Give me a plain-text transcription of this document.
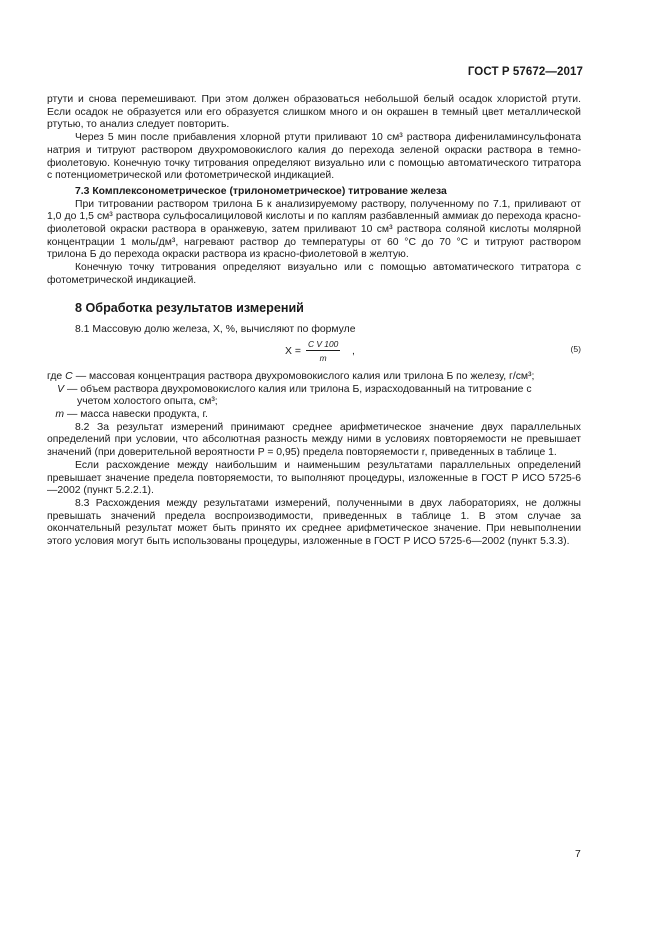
ГОСТ Р 57672—2017

ртути и снова перемешивают. При этом должен образоваться небольшой белый осадок хлористой ртути. Если осадок не образуется или его образуется слишком много и он окрашен в темный цвет металлической ртутью, то анализ следует повторить.

Через 5 мин после прибавления хлорной ртути приливают 10 см³ раствора дифениламинсульфоната натрия и титруют раствором двухромовокислого калия до перехода зеленой окраски раствора в темно-фиолетовую. Конечную точку титрования определяют визуально или с помощью автоматического титратора с потенциометрической или фотометрической индикацией.

7.3 Комплексонометрическое (трилонометрическое) титрование железа

При титровании раствором трилона Б к анализируемому раствору, полученному по 7.1, приливают от 1,0 до 1,5 см³ раствора сульфосалициловой кислоты и по каплям разбавленный аммиак до перехода красно-фиолетовой окраски раствора в оранжевую, затем приливают 10 см³ раствора соляной кислоты молярной концентрации 1 моль/дм³, нагревают раствор до температуры от 60 °С до 70 °С и титруют раствором трилона Б до перехода окраски раствора из красно-фиолетовой в желтую.

Конечную точку титрования определяют визуально или с помощью автоматического титратора с фотометрической индикацией.

8 Обработка результатов измерений

8.1 Массовую долю железа, X, %, вычисляют по формуле

$X = \frac{\text{C V 100}}{m}$ ,	(5)
где C — массовая концентрация раствора двухромовокислого калия или трилона Б по железу, г/см³;
V — объем раствора двухромовокислого калия или трилона Б, израсходованный на титрование с
учетом холостого опыта, см³;
m — масса навески продукта, г.

8.2 За результат измерений принимают среднее арифметическое значение двух параллельных определений при условии, что абсолютная разность между ними в условиях повторяемости не превышает значений (при доверительной вероятности P = 0,95) предела повторяемости r, приведенных в таблице 1.

Если расхождение между наибольшим и наименьшим результатами параллельных определений превышает значение предела повторяемости, то выполняют процедуры, изложенные в ГОСТ Р ИСО 5725-6—2002 (пункт 5.2.2.1).

8.3 Расхождения между результатами измерений, полученными в двух лабораториях, не должны превышать значений предела воспроизводимости, приведенных в таблице 1. В этом случае за окончательный результат может быть принято их среднее арифметическое значение. При невыполнении этого условия могут быть использованы процедуры, изложенные в ГОСТ Р ИСО 5725-6—2002 (пункт 5.3.3).

7
